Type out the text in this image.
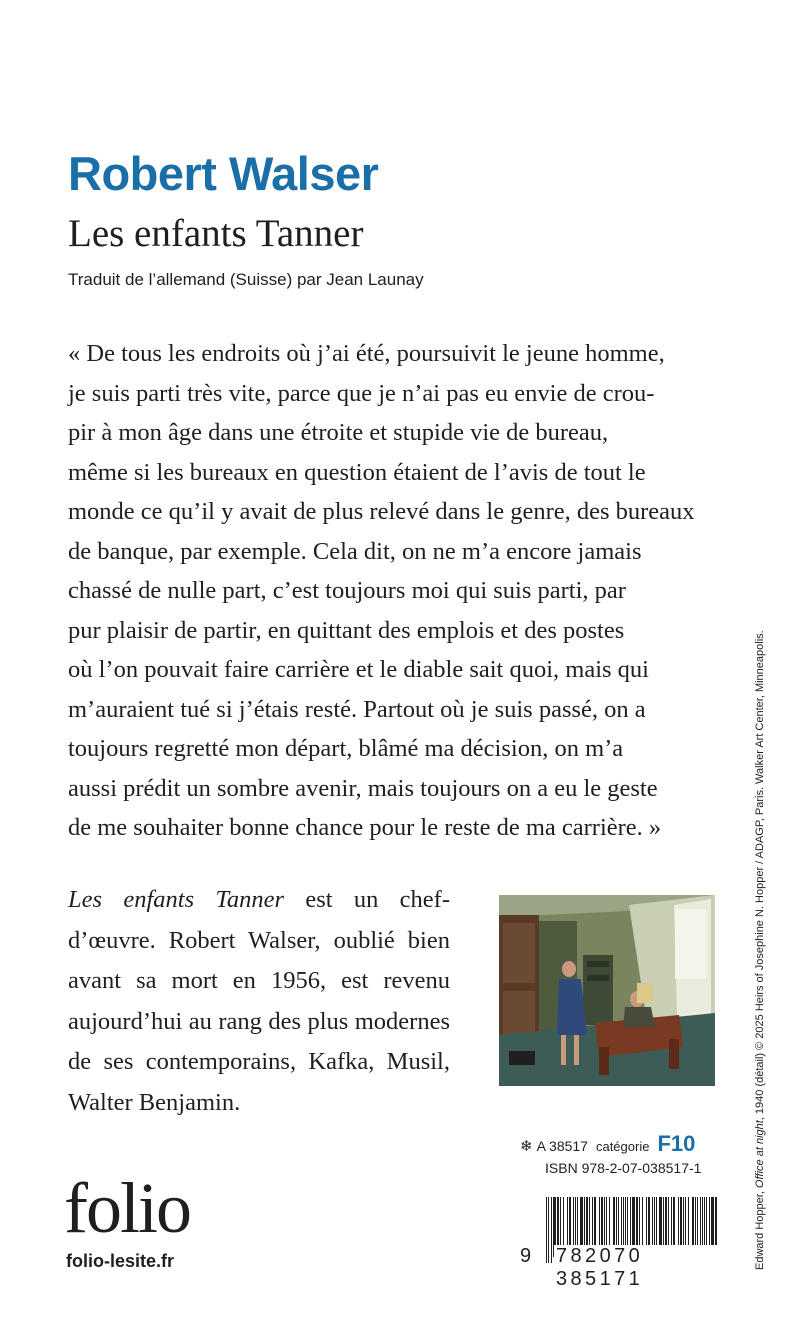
Robert Walser
Les enfants Tanner
Traduit de l’allemand (Suisse) par Jean Launay
« De tous les endroits où j’ai été, poursuivit le jeune homme,
je suis parti très vite, parce que je n’ai pas eu envie de crou-
pir à mon âge dans une étroite et stupide vie de bureau,
même si les bureaux en question étaient de l’avis de tout le
monde ce qu’il y avait de plus relevé dans le genre, des bureaux
de banque, par exemple. Cela dit, on ne m’a encore jamais
chassé de nulle part, c’est toujours moi qui suis parti, par
pur plaisir de partir, en quittant des emplois et des postes
où l’on pouvait faire carrière et le diable sait quoi, mais qui
m’auraient tué si j’étais resté. Partout où je suis passé, on a
toujours regretté mon départ, blâmé ma décision, on m’a
aussi prédit un sombre avenir, mais toujours on a eu le geste
de me souhaiter bonne chance pour le reste de ma carrière. »

Les enfants Tanner est un chef-d’œuvre. Robert Walser, oublié bien avant sa mort en 1956, est revenu aujourd’hui au rang des plus modernes de ses contemporains, Kafka, Musil, Walter Benjamin.

❄ A 38517 catégorie F10
ISBN 978-2-07-038517-1
9 782070 385171
folio
folio-lesite.fr	Edward Hopper, Office at night, 1940 (détail) © 2025 Heirs of Josephine N. Hopper / ADAGP, Paris. Walker Art Center, Minneapolis.
